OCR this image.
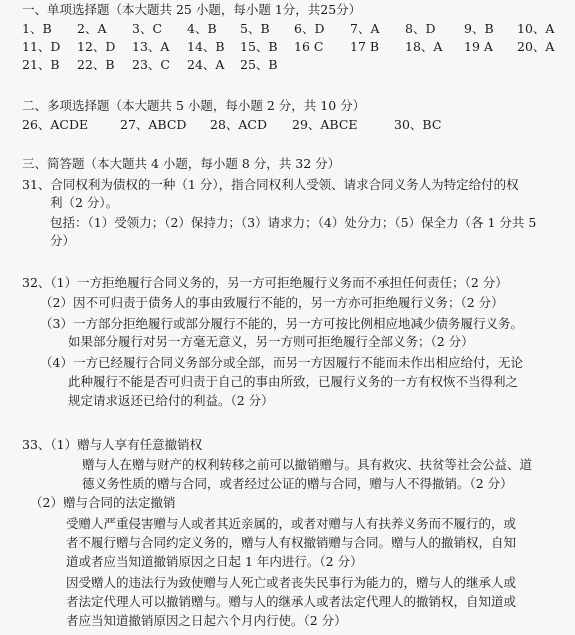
一、单项选择题（本大题共 25 小题，每小题 1分，共25分）
1、B 2、A 3、C 4、B 5、B 6、D 7、A 8、D 9、B 10、A
11、D 12、D 13、A 14、B 15、B 16 C 17 B 18、A 19 A 20、A
21、B 22、B 23、C 24、A 25、B
二、多项选择题（本大题共 5 小题，每小题 2 分，共 10 分）
26、ACDE	27、ABCD 28、ACD 29、ABCE	30、BC
三、简答题（本大题共 4 小题，每小题 8 分，共 32 分）
31、合同权利为债权的一种（1 分），指合同权利人受领、请求合同义务人为特定给付的权
利（2 分）。
包括：（1）受领力；（2）保持力；（3）请求力；（4）处分力；（5）保全力（各 1 分共 5
分）
32、（1）一方拒绝履行合同义务的，另一方可拒绝履行义务而不承担任何责任；（2 分）
（2）因不可归责于债务人的事由致履行不能的，另一方亦可拒绝履行义务；（2 分）
（3）一方部分拒绝履行或部分履行不能的，另一方可按比例相应地减少债务履行义务。
如果部分履行对另一方毫无意义，另一方则可拒绝履行全部义务；（2 分）
（4）一方已经履行合同义务部分或全部，而另一方因履行不能而未作出相应给付，无论
此种履行不能是否可归责于自己的事由所致，已履行义务的一方有权恢不当得利之
规定请求返还已给付的利益。（2 分）
33、（1）赠与人享有任意撤销权
赠与人在赠与财产的权利转移之前可以撤销赠与。具有救灾、扶贫等社会公益、道
德义务性质的赠与合同，或者经过公证的赠与合同，赠与人不得撤销。（2 分）
（2）赠与合同的法定撤销
受赠人严重侵害赠与人或者其近亲属的，或者对赠与人有扶养义务而不履行的，或
者不履行赠与合同约定义务的，赠与人有权撤销赠与合同。赠与人的撤销权，自知
道或者应当知道撤销原因之日起 1 年内进行。（2 分）
因受赠人的违法行为致使赠与人死亡或者丧失民事行为能力的，赠与人的继承人或
者法定代理人可以撤销赠与。赠与人的继承人或者法定代理人的撤销权，自知道或
者应当知道撤销原因之日起六个月内行使。（2 分）
